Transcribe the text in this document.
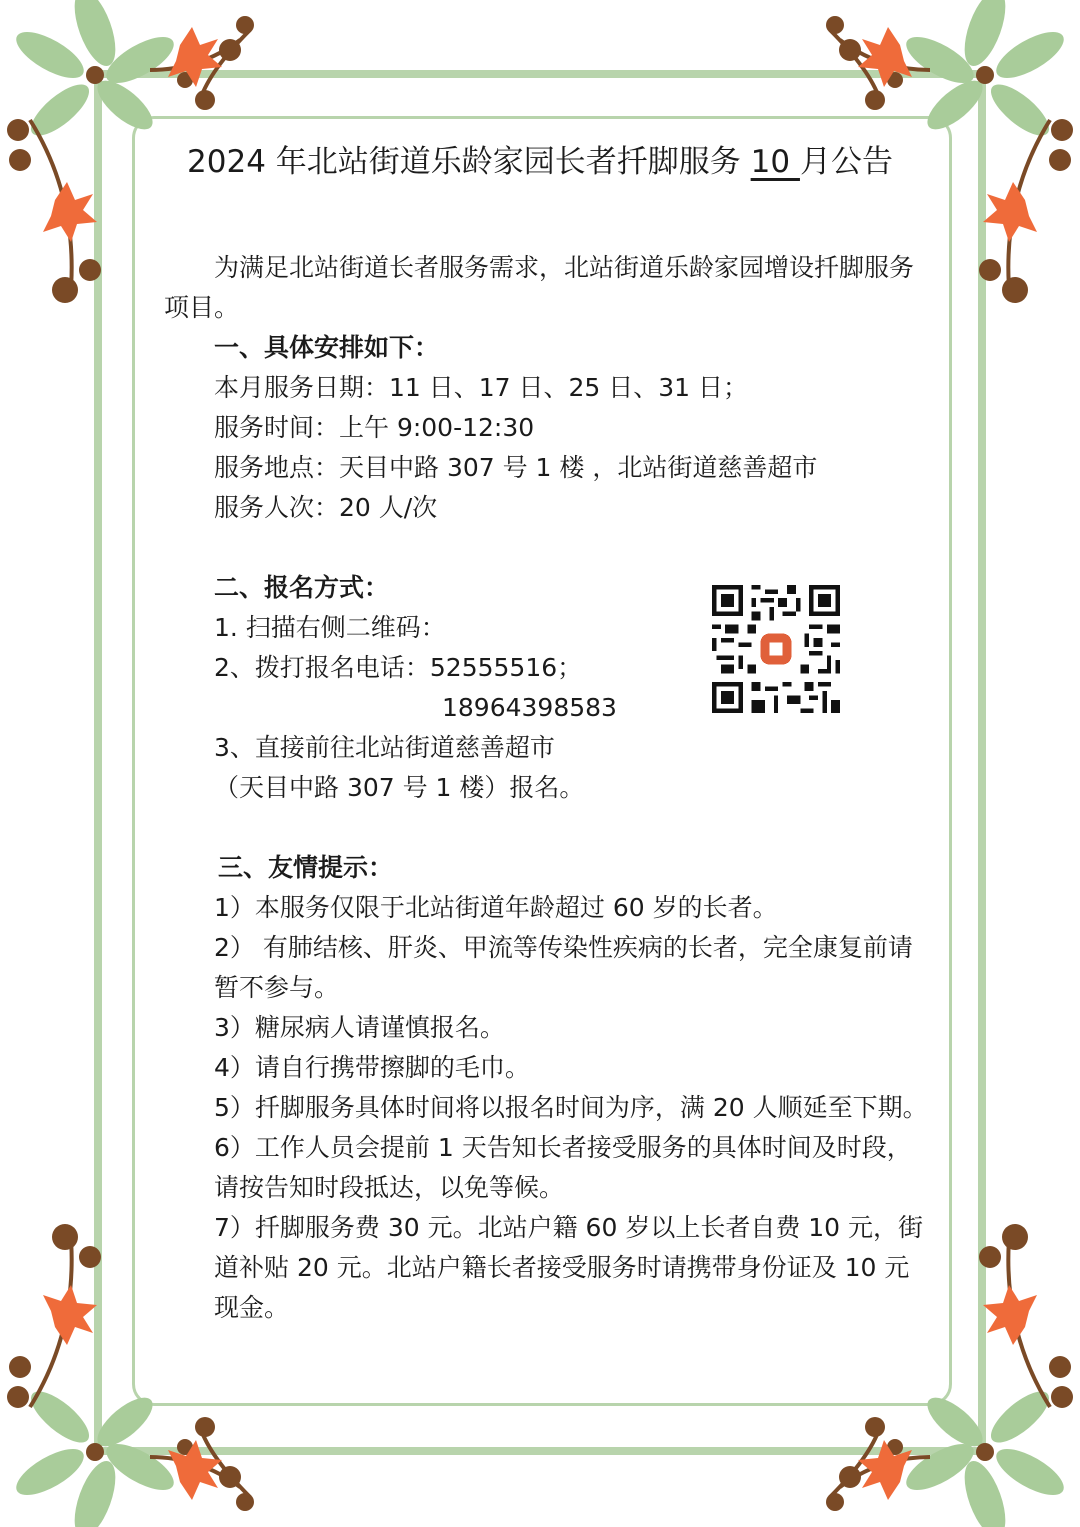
2024 年北站街道乐龄家园长者扦脚服务 10 月公告
为满足北站街道长者服务需求，北站街道乐龄家园增设扦脚服务
项目。
一、具体安排如下：
本月服务日期：11 日、17 日、25 日、31 日；
服务时间：上午 9:00-12:30
服务地点：天目中路 307 号 1 楼 ，北站街道慈善超市
服务人次：20 人/次
二、报名方式：
1. 扫描右侧二维码：
2、拨打报名电话：52555516；
18964398583
3、直接前往北站街道慈善超市
（天目中路 307 号 1 楼）报名。
三、友情提示：
1）本服务仅限于北站街道年龄超过 60 岁的长者。
2） 有肺结核、肝炎、甲流等传染性疾病的长者，完全康复前请
暂不参与。
3）糖尿病人请谨慎报名。
4）请自行携带擦脚的毛巾。
5）扦脚服务具体时间将以报名时间为序，满 20 人顺延至下期。
6）工作人员会提前 1 天告知长者接受服务的具体时间及时段，
请按告知时段抵达，以免等候。
7）扦脚服务费 30 元。北站户籍 60 岁以上长者自费 10 元，街
道补贴 20 元。北站户籍长者接受服务时请携带身份证及 10 元
现金。
